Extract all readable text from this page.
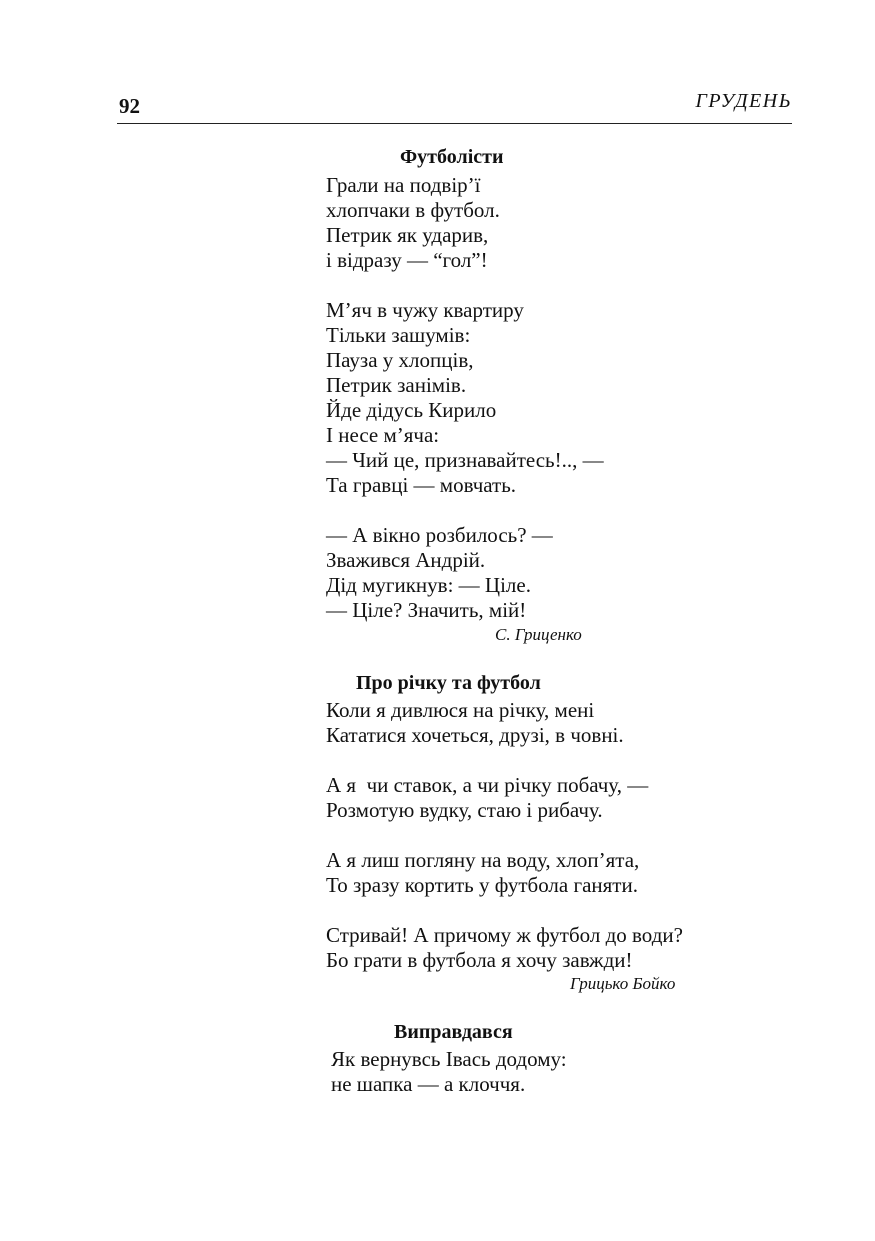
92	ГРУДЕНЬ
Футболісти
Грали на подвір’ї
хлопчаки в футбол.
Петрик як ударив,
і відразу — “гол”!
М’яч в чужу квартиру
Тільки зашумів:
Пауза у хлопців,
Петрик занімів.
Йде дідусь Кирило
І несе м’яча:
— Чий це, признавайтесь!.., —
Та гравці — мовчать.
— А вікно розбилось? —
Зважився Андрій.
Дід мугикнув: — Ціле.
— Ціле? Значить, мій!
С. Гриценко
Про річку та футбол
Коли я дивлюся на річку, мені
Кататися хочеться, друзі, в човні.
А я  чи ставок, а чи річку побачу, —
Розмотую вудку, стаю і рибачу.
А я лиш погляну на воду, хлоп’ята,
То зразу кортить у футбола ганяти.
Стривай! А причому ж футбол до води?
Бо грати в футбола я хочу завжди!
Грицько Бойко
Виправдався
Як вернувсь Івась додому:
не шапка — а клоччя.
